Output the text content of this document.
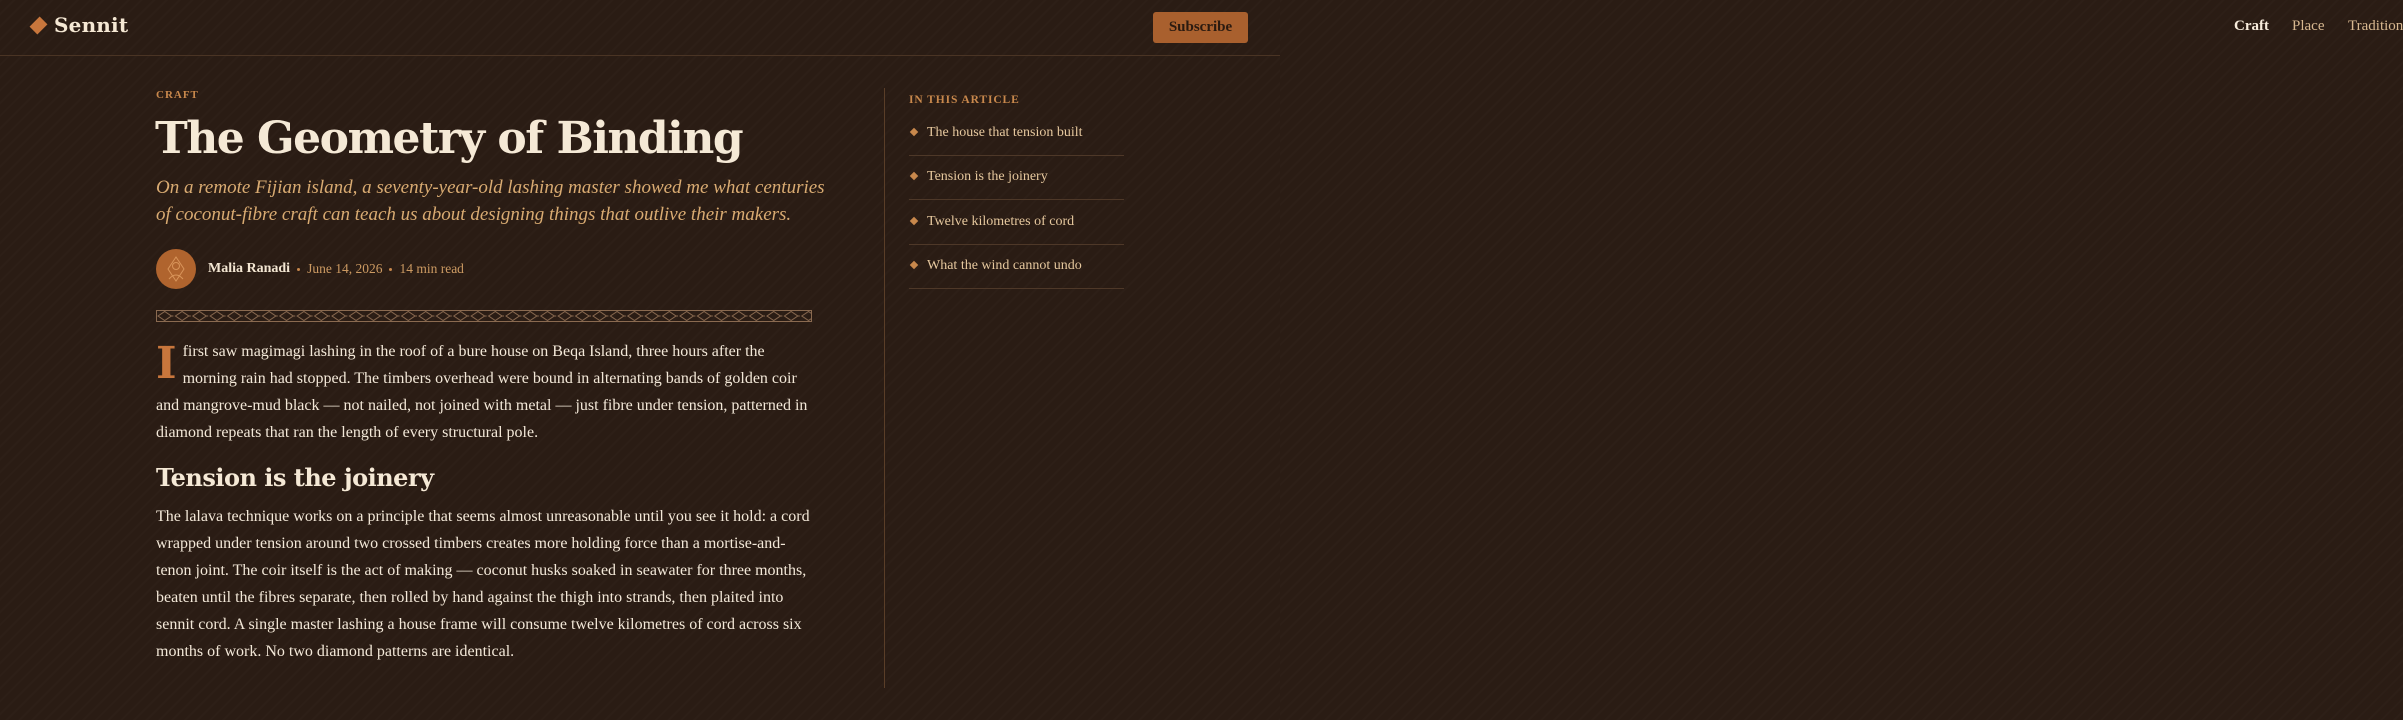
Sennit	Craft Place Tradition
Subscribe
CRAFT
The Geometry of Binding

On a remote Fijian island, a seventy-year-old lashing master showed me what centuries of coconut-fibre craft can teach us about designing things that outlive their makers.

Malia Ranadi June 14, 2026 14 min read
Ifirst saw magimagi lashing in the roof of a bure house on Beqa Island, three hours after the morning rain had stopped. The timbers overhead were bound in alternating bands of golden coir and mangrove-mud black — not nailed, not joined with metal — just fibre under tension, patterned in diamond repeats that ran the length of every structural pole.
Tension is the joinery

The lalava technique works on a principle that seems almost unreasonable until you see it hold: a cord wrapped under tension around two crossed timbers creates more holding force than a mortise-and-tenon joint. The coir itself is the act of making — coconut husks soaked in seawater for three months, beaten until the fibres separate, then rolled by hand against the thigh into strands, then plaited into sennit cord. A single master lashing a house frame will consume twelve kilometres of cord across six months of work. No two diamond patterns are identical.

IN THIS ARTICLE
The house that tension built
Tension is the joinery
Twelve kilometres of cord
What the wind cannot undo
